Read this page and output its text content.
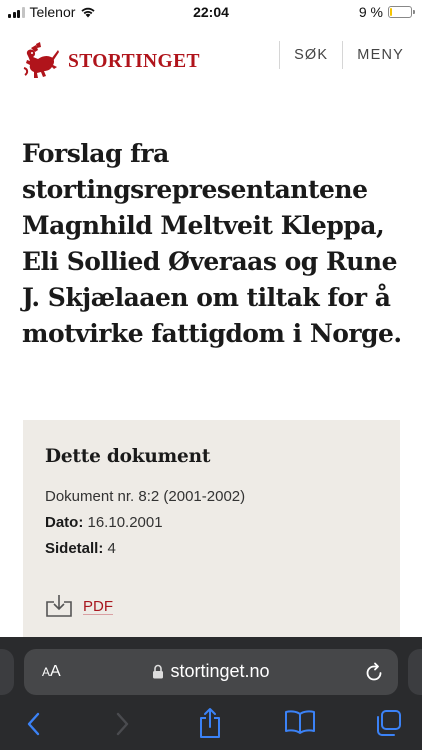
Telenor	22:04	9 %
STORTINGET	SØK	MENY
Forslag fra stortingsrepresentantene Magnhild Meltveit Kleppa, Eli Sollied Øveraas og Rune J. Skjælaaen om tiltak for å motvirke fattigdom i Norge.
Dette dokument
Dokument nr. 8:2 (2001-2002)
Dato: 16.10.2001
Sidetall: 4
PDF
AA	stortinget.no
